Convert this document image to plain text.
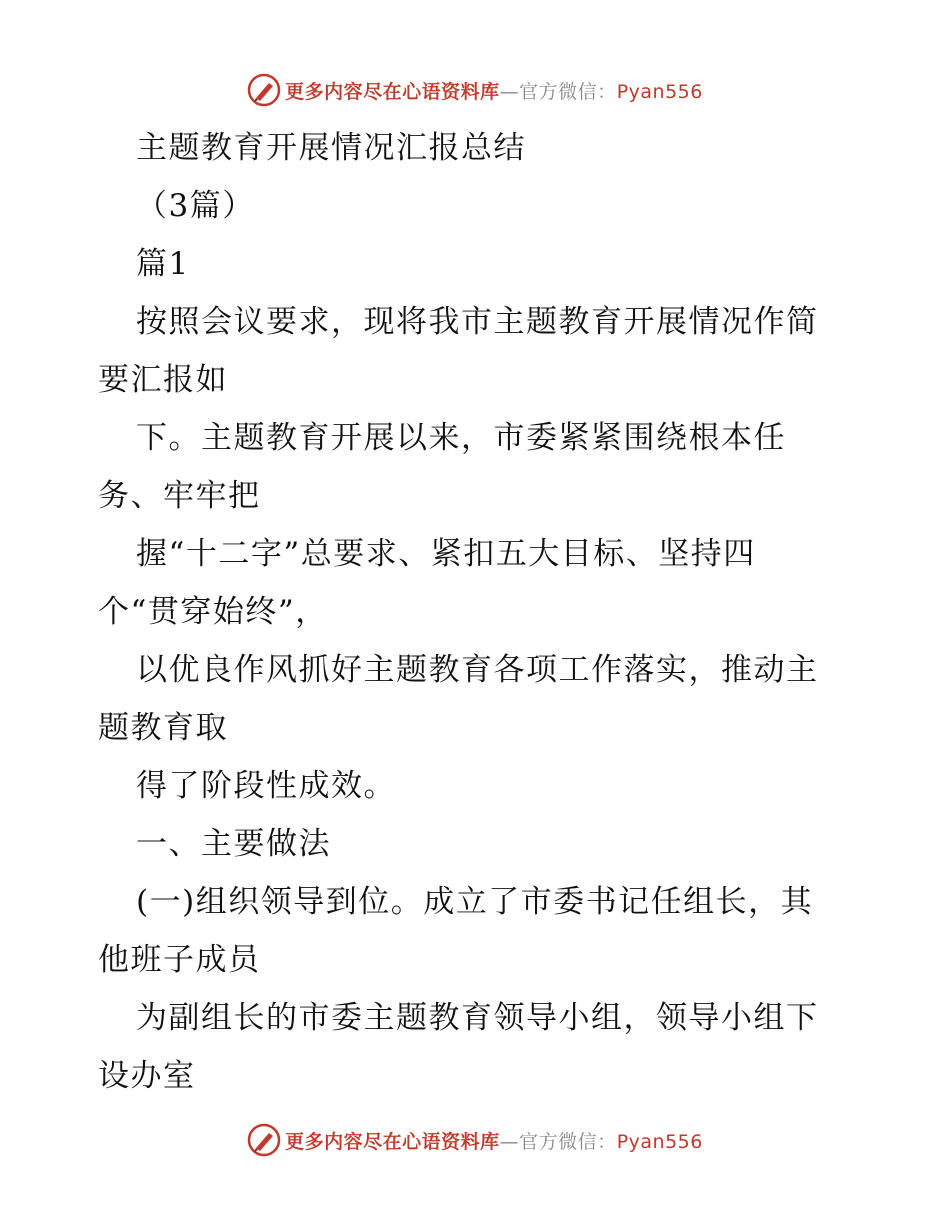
更多内容尽在心语资料库—官方微信：Pyan556
主题教育开展情况汇报总结
（3篇）
篇1
按照会议要求，现将我市主题教育开展情况作简
要汇报如
下。主题教育开展以来，市委紧紧围绕根本任
务、牢牢把
握“十二字”总要求、紧扣五大目标、坚持四
个“贯穿始终”，
以优良作风抓好主题教育各项工作落实，推动主
题教育取
得了阶段性成效。
一、主要做法
(一)组织领导到位。成立了市委书记任组长，其
他班子成员
为副组长的市委主题教育领导小组，领导小组下
设办室
更多内容尽在心语资料库—官方微信：Pyan556
